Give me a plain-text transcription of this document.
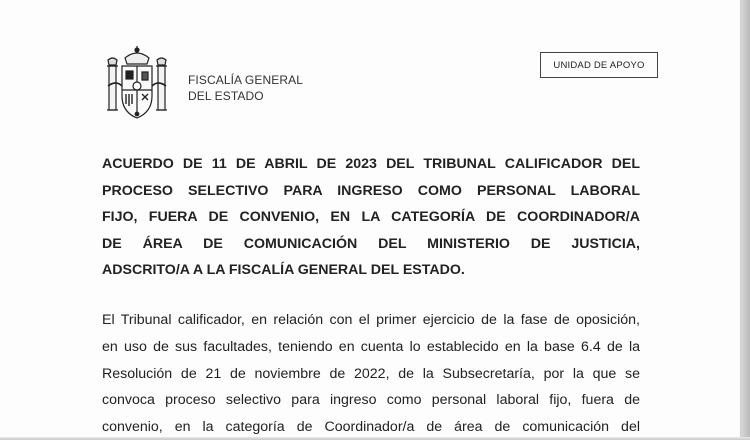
FISCALÍA GENERAL
DEL ESTADO
UNIDAD DE APOYO
ACUERDO DE 11 DE ABRIL DE 2023 DEL TRIBUNAL CALIFICADOR DEL
PROCESO SELECTIVO PARA INGRESO COMO PERSONAL LABORAL
FIJO, FUERA DE CONVENIO, EN LA CATEGORÍA DE COORDINADOR/A
DE ÁREA DE COMUNICACIÓN DEL MINISTERIO DE JUSTICIA,
ADSCRITO/A A LA FISCALÍA GENERAL DEL ESTADO.
El Tribunal calificador, en relación con el primer ejercicio de la fase de oposición,
en uso de sus facultades, teniendo en cuenta lo establecido en la base 6.4 de la
Resolución de 21 de noviembre de 2022, de la Subsecretaría, por la que se
convoca proceso selectivo para ingreso como personal laboral fijo, fuera de
convenio, en la categoría de Coordinador/a de área de comunicación del
